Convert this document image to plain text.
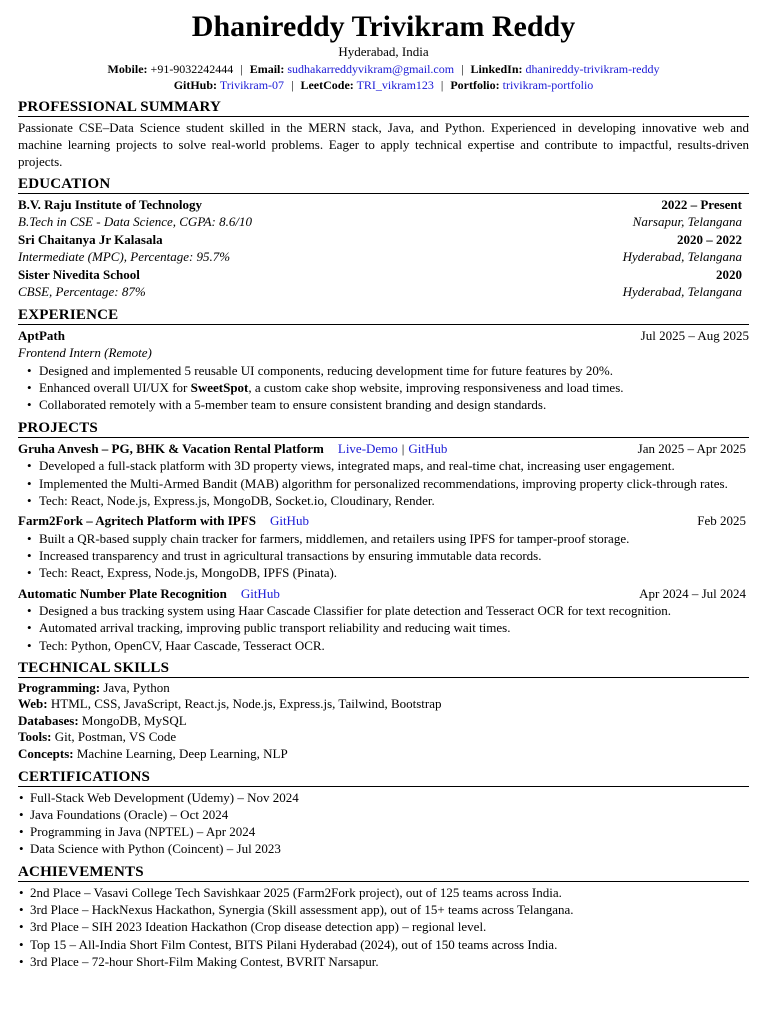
Dhanireddy Trivikram Reddy
Hyderabad, India
Mobile: +91-9032242444 | Email: sudhakarreddyvikram@gmail.com | LinkedIn: dhanireddy-trivikram-reddy
GitHub: Trivikram-07 | LeetCode: TRI_vikram123 | Portfolio: trivikram-portfolio
PROFESSIONAL SUMMARY
Passionate CSE–Data Science student skilled in the MERN stack, Java, and Python. Experienced in developing innovative web and machine learning projects to solve real-world problems. Eager to apply technical expertise and contribute to impactful, results-driven projects.
EDUCATION
B.V. Raju Institute of Technology	2022 – Present
B.Tech in CSE - Data Science, CGPA: 8.6/10	Narsapur, Telangana
Sri Chaitanya Jr Kalasala	2020 – 2022
Intermediate (MPC), Percentage: 95.7%	Hyderabad, Telangana
Sister Nivedita School	2020
CBSE, Percentage: 87%	Hyderabad, Telangana
EXPERIENCE
AptPath	Jul 2025 – Aug 2025
Frontend Intern (Remote)
• Designed and implemented 5 reusable UI components, reducing development time for future features by 20%.
• Enhanced overall UI/UX for SweetSpot, a custom cake shop website, improving responsiveness and load times.
• Collaborated remotely with a 5-member team to ensure consistent branding and design standards.
PROJECTS
Gruha Anvesh – PG, BHK & Vacation Rental Platform Live-Demo | GitHub	Jan 2025 – Apr 2025
• Developed a full-stack platform with 3D property views, integrated maps, and real-time chat, increasing user engagement.
• Implemented the Multi-Armed Bandit (MAB) algorithm for personalized recommendations, improving property click-through rates.
• Tech: React, Node.js, Express.js, MongoDB, Socket.io, Cloudinary, Render.
Farm2Fork – Agritech Platform with IPFS GitHub	Feb 2025
• Built a QR-based supply chain tracker for farmers, middlemen, and retailers using IPFS for tamper-proof storage.
• Increased transparency and trust in agricultural transactions by ensuring immutable data records.
• Tech: React, Express, Node.js, MongoDB, IPFS (Pinata).
Automatic Number Plate Recognition GitHub	Apr 2024 – Jul 2024
• Designed a bus tracking system using Haar Cascade Classifier for plate detection and Tesseract OCR for text recognition.
• Automated arrival tracking, improving public transport reliability and reducing wait times.
• Tech: Python, OpenCV, Haar Cascade, Tesseract OCR.
TECHNICAL SKILLS
Programming: Java, Python
Web: HTML, CSS, JavaScript, React.js, Node.js, Express.js, Tailwind, Bootstrap
Databases: MongoDB, MySQL
Tools: Git, Postman, VS Code
Concepts: Machine Learning, Deep Learning, NLP
CERTIFICATIONS
• Full-Stack Web Development (Udemy) – Nov 2024
• Java Foundations (Oracle) – Oct 2024
• Programming in Java (NPTEL) – Apr 2024
• Data Science with Python (Coincent) – Jul 2023
ACHIEVEMENTS
• 2nd Place – Vasavi College Tech Savishkaar 2025 (Farm2Fork project), out of 125 teams across India.
• 3rd Place – HackNexus Hackathon, Synergia (Skill assessment app), out of 15+ teams across Telangana.
• 3rd Place – SIH 2023 Ideation Hackathon (Crop disease detection app) – regional level.
• Top 15 – All-India Short Film Contest, BITS Pilani Hyderabad (2024), out of 150 teams across India.
• 3rd Place – 72-hour Short-Film Making Contest, BVRIT Narsapur.
